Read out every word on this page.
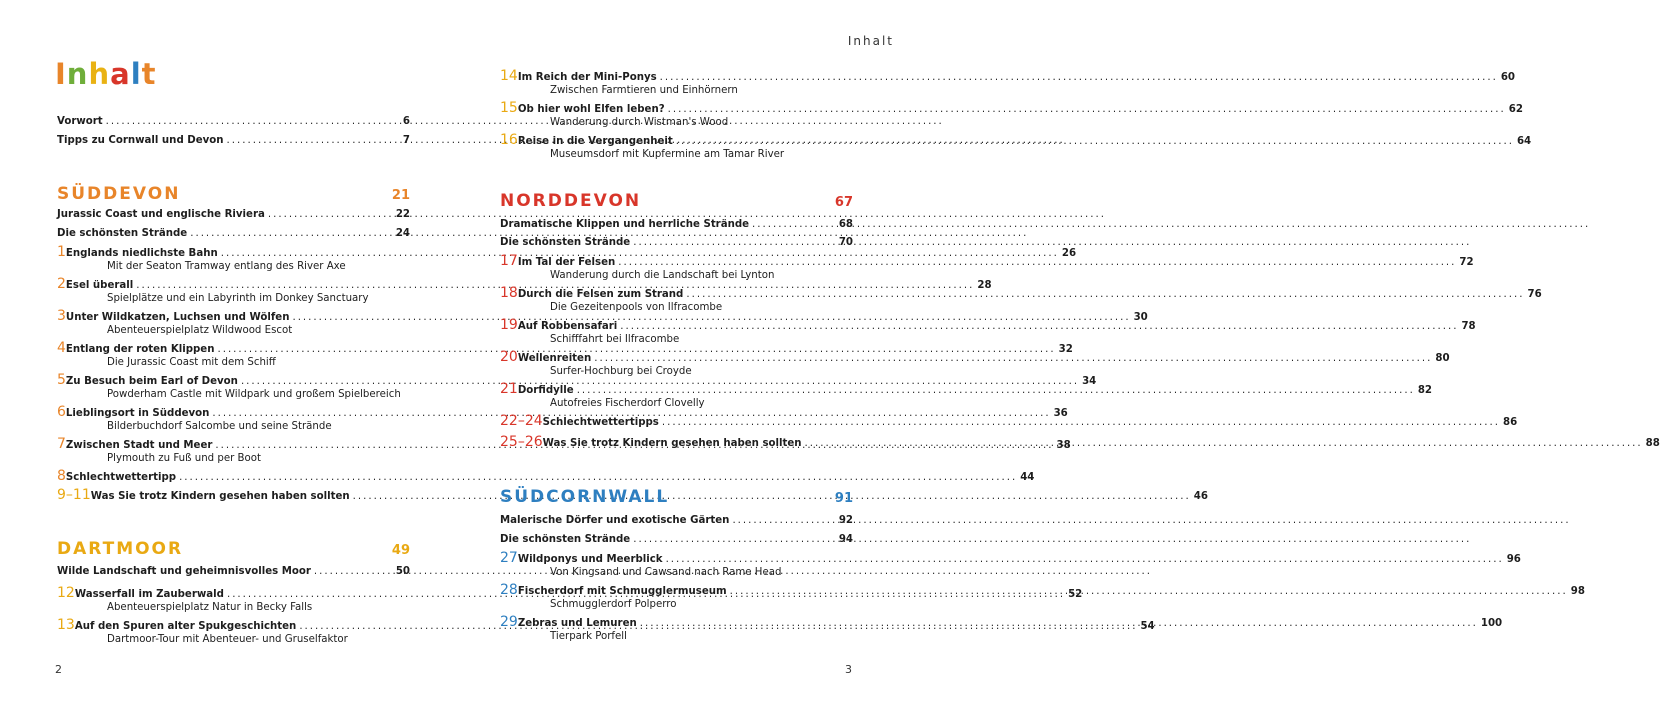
Inhalt
Vorwort .....	6
Tipps zu Cornwall und Devon .....	7
SÜDDEVON	21
Jurassic Coast und englische Riviera .....	22
Die schönsten Strände .....	24
1 Englands niedlichste Bahn .....	26
Mit der Seaton Tramway entlang des River Axe
2 Esel überall .....	28
Spielplätze und ein Labyrinth im Donkey Sanctuary
3 Unter Wildkatzen, Luchsen und Wölfen .....	30
Abenteuerspielplatz Wildwood Escot
4 Entlang der roten Klippen .....	32
Die Jurassic Coast mit dem Schiff
5 Zu Besuch beim Earl of Devon .....	34
Powderham Castle mit Wildpark und großem Spielbereich
6 Lieblingsort in Süddevon .....	36
Bilderbuchdorf Salcombe und seine Strände
7 Zwischen Stadt und Meer .....	38
Plymouth zu Fuß und per Boot
8 Schlechtwettertipp .....	44
9–11 Was Sie trotz Kindern gesehen haben sollten .....	46
DARTMOOR	49
Wilde Landschaft und geheimnisvolles Moor .....	50
12 Wasserfall im Zauberwald .....	52
Abenteuerspielplatz Natur in Becky Falls
13 Auf den Spuren alter Spukgeschichten .....	54
Dartmoor-Tour mit Abenteuer- und Gruselfaktor
2
Inhalt
14 Im Reich der Mini-Ponys .....	60
Zwischen Farmtieren und Einhörnern
15 Ob hier wohl Elfen leben? .....	62
Wanderung durch Wistman's Wood
16 Reise in die Vergangenheit .....	64
Museumsdorf mit Kupfermine am Tamar River
NORDDEVON	67
Dramatische Klippen und herrliche Strände .....	68
Die schönsten Strände .....	70
17 Im Tal der Felsen .....	72
Wanderung durch die Landschaft bei Lynton
18 Durch die Felsen zum Strand .....	76
Die Gezeitenpools von Ilfracombe
19 Auf Robbensafari .....	78
Schifffahrt bei Ilfracombe
20 Wellenreiten .....	80
Surfer-Hochburg bei Croyde
21 Dorfidylle .....	82
Autofreies Fischerdorf Clovelly
22–24 Schlechtwettertipps .....	86
25–26 Was Sie trotz Kindern gesehen haben sollten .....	88
SÜDCORNWALL	91
Malerische Dörfer und exotische Gärten .....	92
Die schönsten Strände .....	94
27 Wildponys und Meerblick .....	96
Von Kingsand und Cawsand nach Rame Head
28 Fischerdorf mit Schmugglermuseum .....	98
Schmugglerdorf Polperro
29 Zebras und Lemuren .....	100
Tierpark Porfell
3
